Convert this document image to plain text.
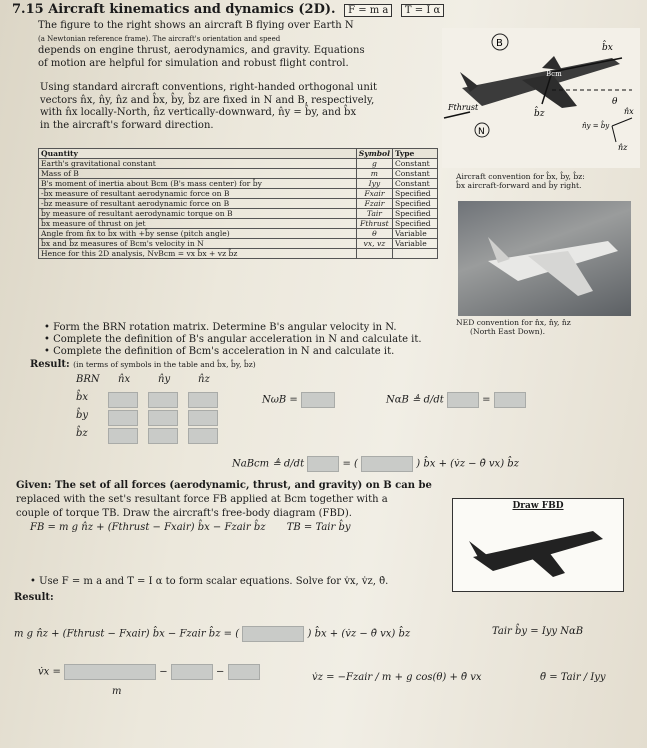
7.15 Aircraft kinematics and dynamics (2D). F = m a T = I α
The figure to the right shows an aircraft B flying over Earth N
(a Newtonian reference frame). The aircraft's orientation and speed
depends on engine thrust, aerodynamics, and gravity. Equations
of motion are helpful for simulation and robust flight control.
Using standard aircraft conventions, right-handed orthogonal unit
vectors n̂x, n̂y, n̂z and b̂x, b̂y, b̂z are fixed in N and B, respectively,
with n̂x locally-North, n̂z vertically-downward, n̂y = b̂y, and b̂x
in the aircraft's forward direction.
B	b̂x
b̂z
Bcm
θ
Fthrust
N
n̂x
n̂z
n̂y = b̂y
Aircraft convention for b̂x, b̂y, b̂z:
b̂x aircraft-forward and b̂y right.
NED convention for n̂x, n̂y, n̂z
(North East Down).
Quantity	Symbol	Type
Earth's gravitational constant	g	Constant
Mass of B	m	Constant
B's moment of inertia about Bcm (B's mass center) for b̂y	Iyy	Constant
-b̂x measure of resultant aerodynamic force on B	Fxair	Specified
-b̂z measure of resultant aerodynamic force on B	Fzair	Specified
b̂y measure of resultant aerodynamic torque on B	Tair	Specified
b̂x measure of thrust on jet	Fthrust	Specified
Angle from n̂x to b̂x with +b̂y sense (pitch angle)	θ	Variable
b̂x and b̂z measures of Bcm's velocity in N	vx, vz	Variable
Hence for this 2D analysis, NvBcm = vx b̂x + vz b̂z		
• Form the BRN rotation matrix. Determine B's angular velocity in N.
• Complete the definition of B's angular acceleration in N and calculate it.
• Complete the definition of Bcm's acceleration in N and calculate it.
Result: (in terms of symbols in the table and b̂x, b̂y, b̂z)
BRN n̂x	n̂y	n̂z
b̂x
b̂y
b̂z
NωB =	NαB ≜ d/dt	=
NaBcm ≜ d/dt	= (	) b̂x + (v̇z − θ̇ vx) b̂z
Given: The set of all forces (aerodynamic, thrust, and gravity) on B can be
replaced with the set's resultant force FB applied at Bcm together with a
couple of torque TB. Draw the aircraft's free-body diagram (FBD).
FB = m g n̂z + (Fthrust − Fxair) b̂x − Fzair b̂z TB = Tair b̂y
Draw FBD
• Use F = m a and T = I α to form scalar equations. Solve for v̇x, v̇z, θ̇.
Result:
m g n̂z + (Fthrust − Fxair) b̂x − Fzair b̂z = (	) b̂x + (v̇z − θ̇ vx) b̂z	Tair b̂y = Iyy NαB
v̇x =	−	−
m
v̇z = −Fzair / m + g cos(θ) + θ̇ vx	θ̈ = Tair / Iyy
